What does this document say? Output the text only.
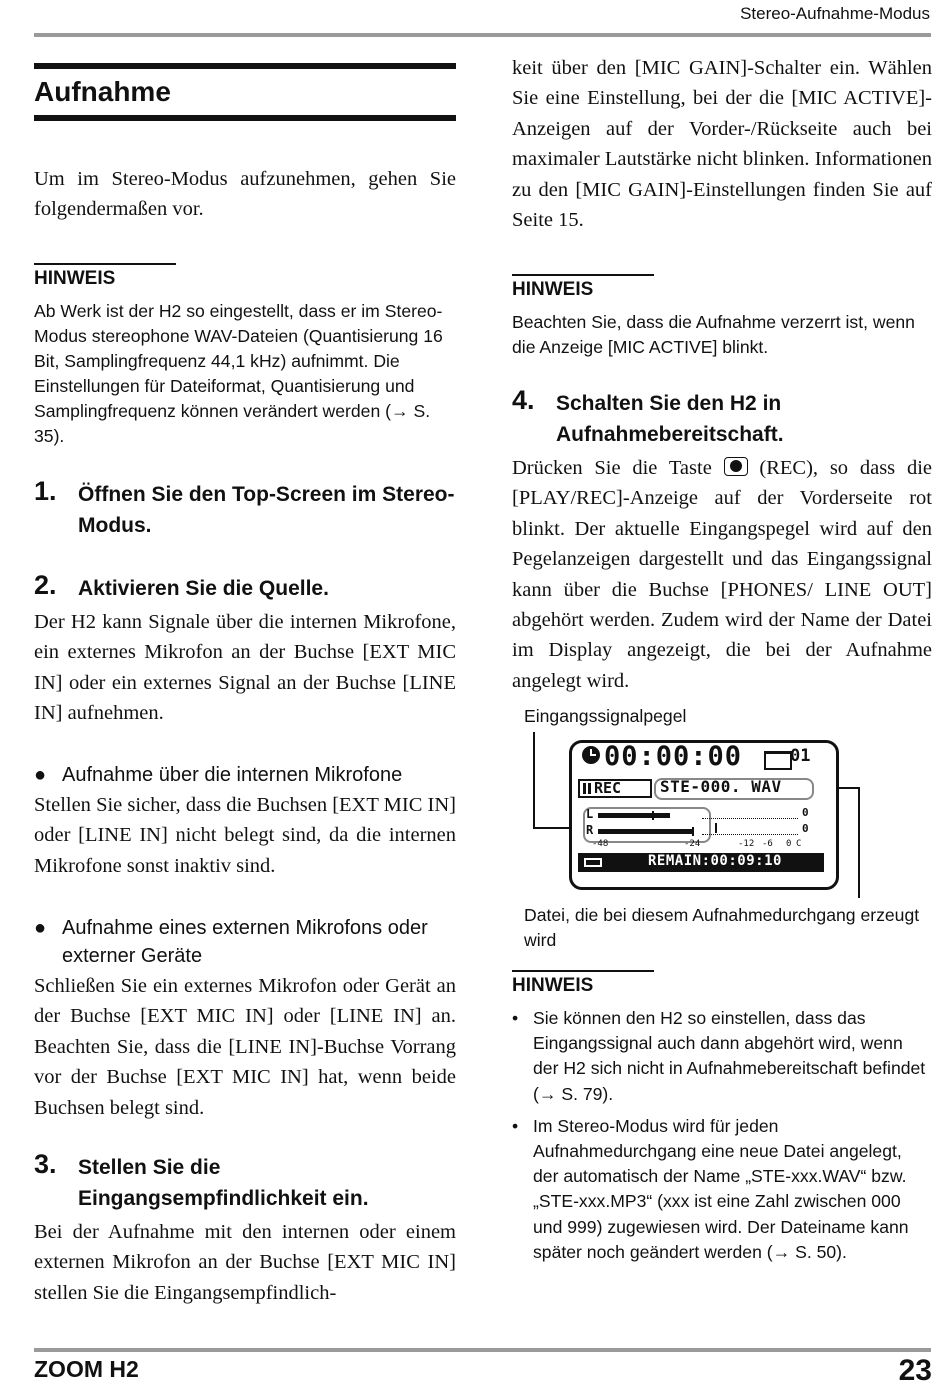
Stereo-Aufnahme-Modus
Aufnahme

Um im Stereo-Modus aufzunehmen, gehen Sie folgendermaßen vor.

HINWEIS

Ab Werk ist der H2 so eingestellt, dass er im Stereo-Modus stereophone WAV-Dateien (Quantisierung 16 Bit, Samplingfrequenz 44,1 kHz) aufnimmt. Die Einstellungen für Dateiformat, Quantisierung und Samplingfrequenz können verändert werden (→ S. 35).

1. Öffnen Sie den Top-Screen im Stereo-Modus.
2. Aktivieren Sie die Quelle.

Der H2 kann Signale über die internen Mikrofone, ein externes Mikrofon an der Buchse [EXT MIC IN] oder ein externes Signal an der Buchse [LINE IN] aufnehmen.

● Aufnahme über die internen Mikrofone

Stellen Sie sicher, dass die Buchsen [EXT MIC IN] oder [LINE IN] nicht belegt sind, da die internen Mikrofone sonst inaktiv sind.

● Aufnahme eines externen Mikrofons oder externer Geräte

Schließen Sie ein externes Mikrofon oder Gerät an der Buchse [EXT MIC IN] oder [LINE IN] an. Beachten Sie, dass die [LINE IN]-Buchse Vorrang vor der Buchse [EXT MIC IN] hat, wenn beide Buchsen belegt sind.

3. Stellen Sie die Eingangsempfindlichkeit ein.

Bei der Aufnahme mit den internen oder einem externen Mikrofon an der Buchse [EXT MIC IN] stellen Sie die Eingangsempfindlich-

keit über den [MIC GAIN]-Schalter ein. Wählen Sie eine Einstellung, bei der die [MIC ACTIVE]-Anzeigen auf der Vorder-/Rückseite auch bei maximaler Lautstärke nicht blinken. Informationen zu den [MIC GAIN]-Einstellungen finden Sie auf Seite 15.

HINWEIS

Beachten Sie, dass die Aufnahme verzerrt ist, wenn die Anzeige [MIC ACTIVE] blinkt.

4. Schalten Sie den H2 in Aufnahmebereitschaft.

Drücken Sie die Taste (REC), so dass die [PLAY/REC]-Anzeige auf der Vorderseite rot blinkt. Der aktuelle Eingangspegel wird auf den Pegelanzeigen dargestellt und das Eingangssignal kann über die Buchse [PHONES/ LINE OUT] abgehört werden. Zudem wird der Name der Datei im Display angezeigt, die bei der Aufnahme angelegt wird.

Eingangssignalpegel
00:00:00	01
REC STE-000. WAV
L
R
0
0
-48	-24	-12 -6 0 C
REMAIN:00:09:10
Datei, die bei diesem Aufnahmedurchgang erzeugt wird

HINWEIS

• Sie können den H2 so einstellen, dass das Eingangssignal auch dann abgehört wird, wenn der H2 sich nicht in Aufnahmebereitschaft befindet (→ S. 79).

• Im Stereo-Modus wird für jeden Aufnahmedurchgang eine neue Datei angelegt, der automatisch der Name „STE-xxx.WAV“ bzw. „STE-xxx.MP3“ (xxx ist eine Zahl zwischen 000 und 999) zugewiesen wird. Der Dateiname kann später noch geändert werden (→ S. 50).

ZOOM H2	23
